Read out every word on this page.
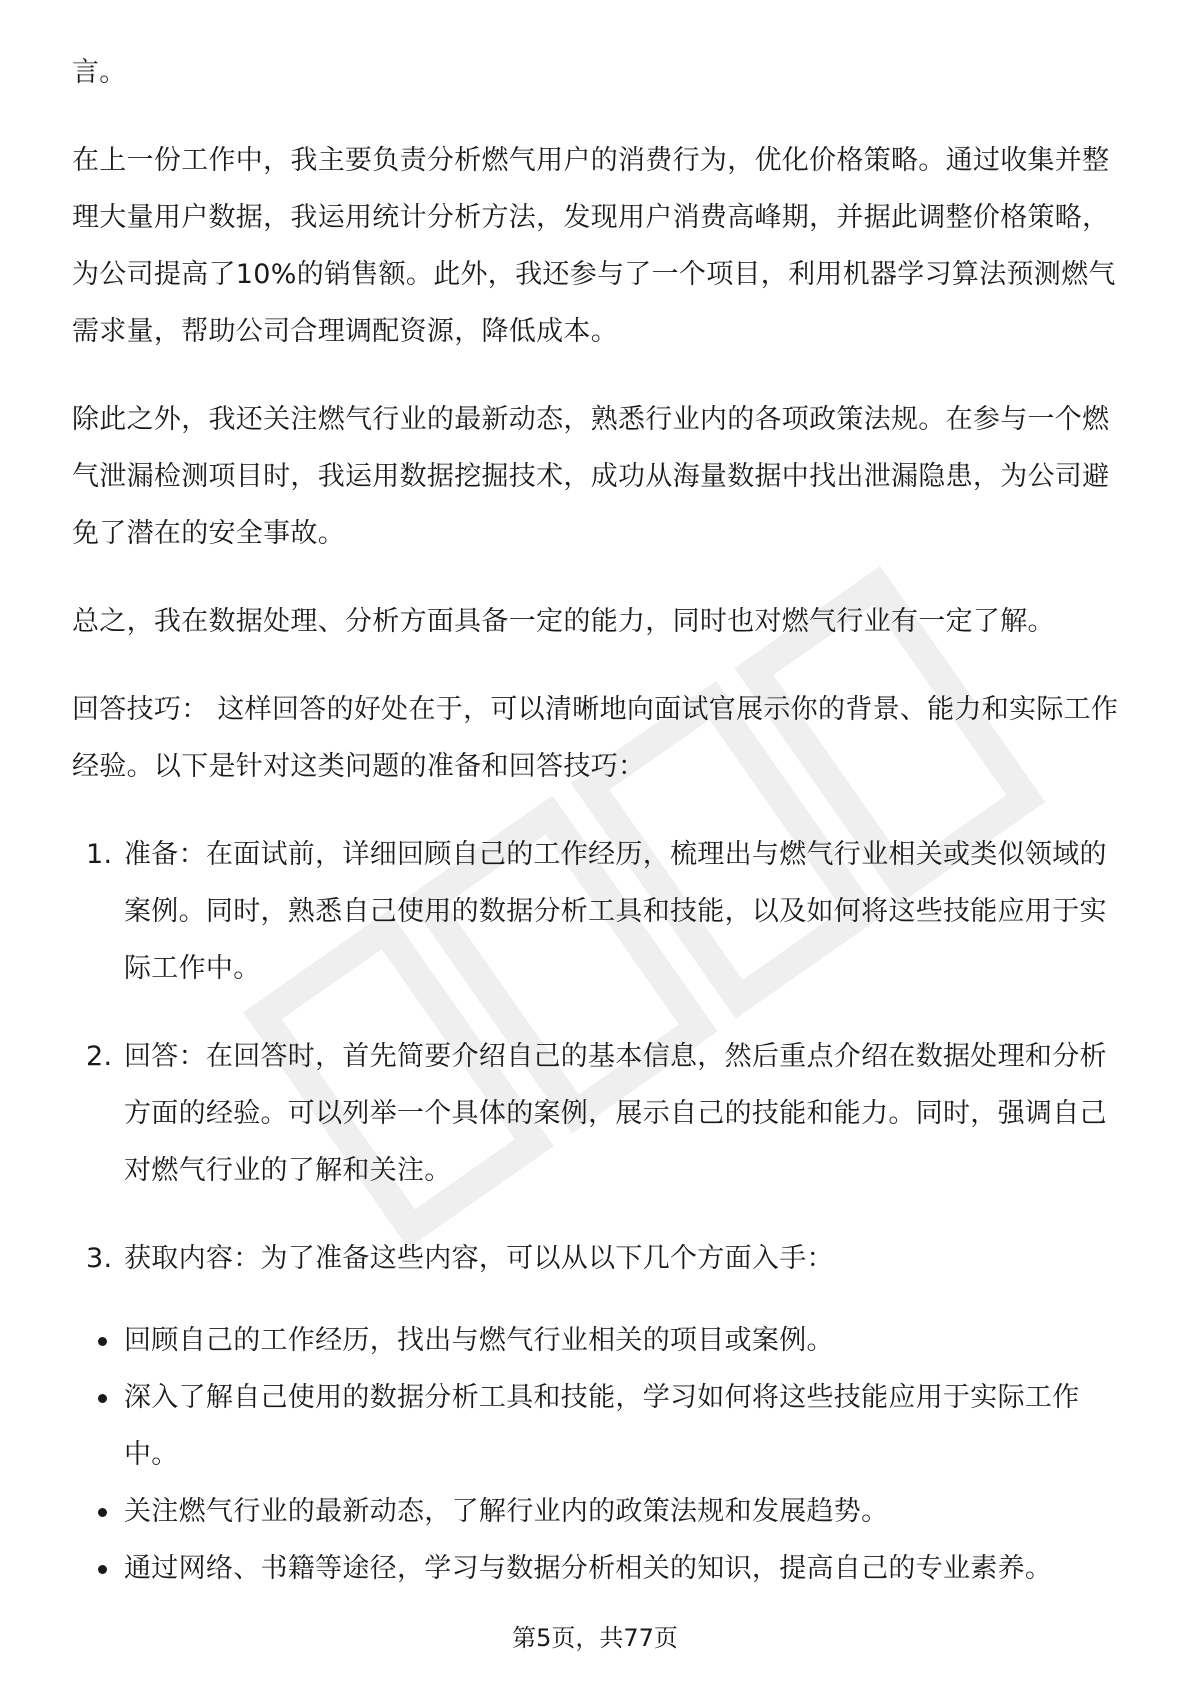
言。

在上一份工作中，我主要负责分析燃气用户的消费行为，优化价格策略。通过收集并整理大量用户数据，我运用统计分析方法，发现用户消费高峰期，并据此调整价格策略，为公司提高了10%的销售额。此外，我还参与了一个项目，利用机器学习算法预测燃气需求量，帮助公司合理调配资源，降低成本。

除此之外，我还关注燃气行业的最新动态，熟悉行业内的各项政策法规。在参与一个燃气泄漏检测项目时，我运用数据挖掘技术，成功从海量数据中找出泄漏隐患，为公司避免了潜在的安全事故。

总之，我在数据处理、分析方面具备一定的能力，同时也对燃气行业有一定了解。

回答技巧： 这样回答的好处在于，可以清晰地向面试官展示你的背景、能力和实际工作经验。以下是针对这类问题的准备和回答技巧：

1. 准备：在面试前，详细回顾自己的工作经历，梳理出与燃气行业相关或类似领域的案例。同时，熟悉自己使用的数据分析工具和技能，以及如何将这些技能应用于实际工作中。
2. 回答：在回答时，首先简要介绍自己的基本信息，然后重点介绍在数据处理和分析方面的经验。可以列举一个具体的案例，展示自己的技能和能力。同时，强调自己对燃气行业的了解和关注。
3. 获取内容：为了准备这些内容，可以从以下几个方面入手：
回顾自己的工作经历，找出与燃气行业相关的项目或案例。
深入了解自己使用的数据分析工具和技能，学习如何将这些技能应用于实际工作中。
关注燃气行业的最新动态，了解行业内的政策法规和发展趋势。
通过网络、书籍等途径，学习与数据分析相关的知识，提高自己的专业素养。
第5页，共77页
